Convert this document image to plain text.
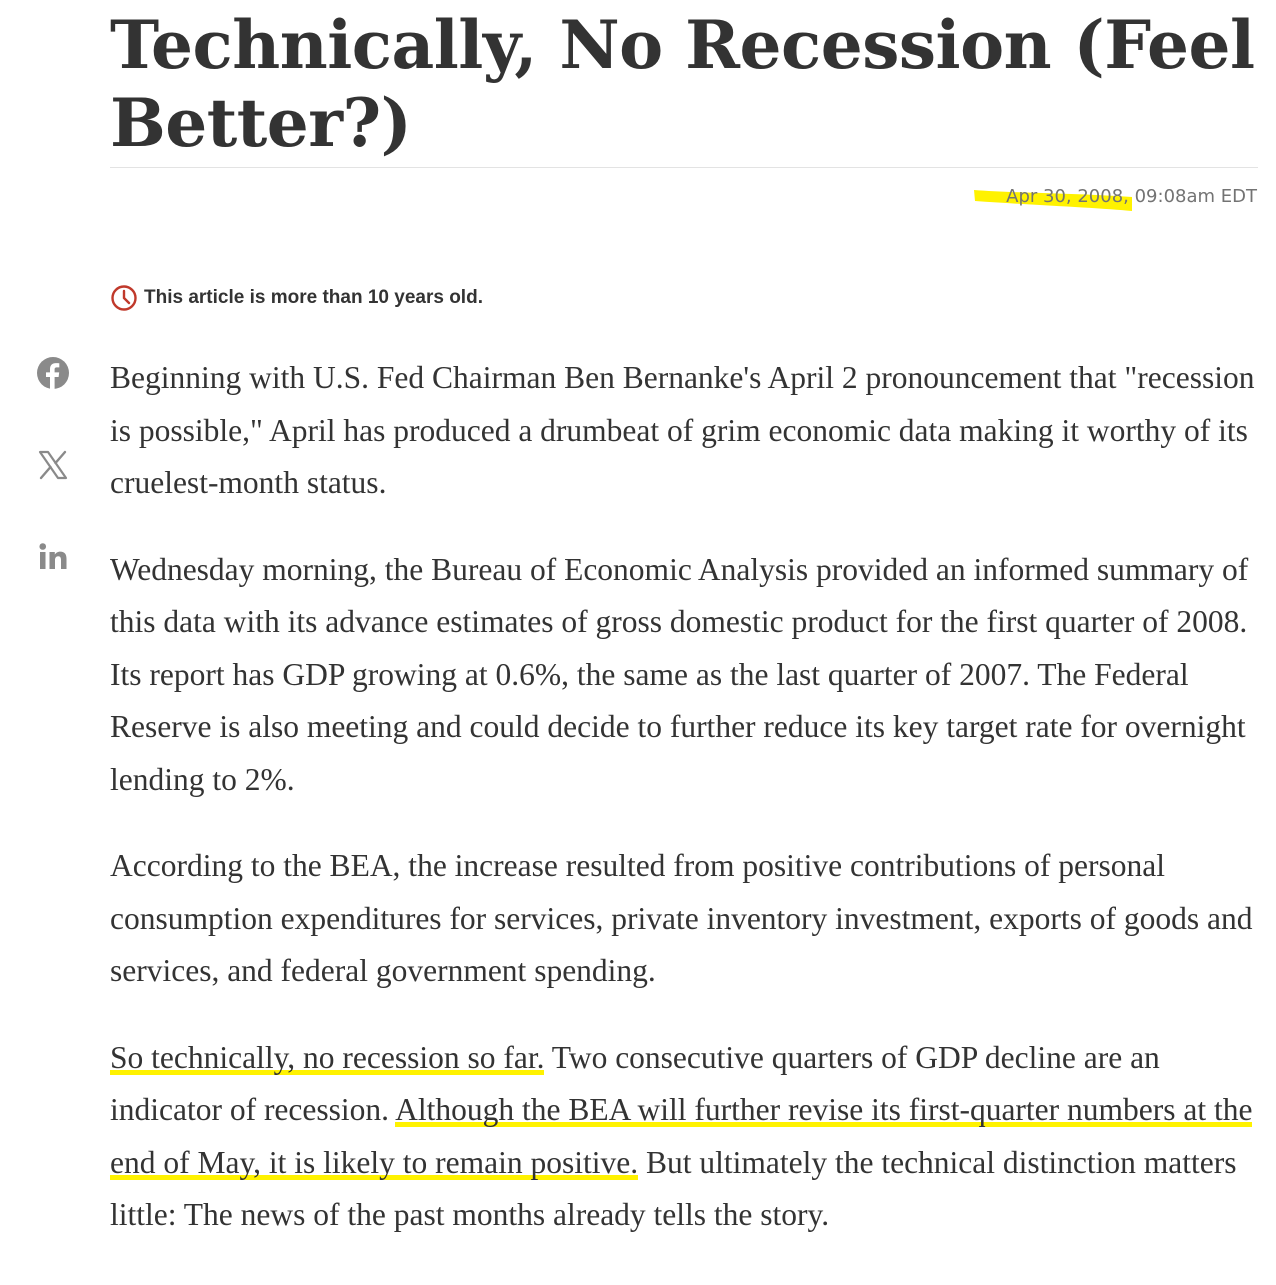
Technically, No Recession (Feel Better?)
Apr 30, 2008, 09:08am EDT
This article is more than 10 years old.

Beginning with U.S. Fed Chairman Ben Bernanke's April 2 pronouncement that "recession is possible," April has produced a drumbeat of grim economic data making it worthy of its cruelest-month status.

Wednesday morning, the Bureau of Economic Analysis provided an informed summary of this data with its advance estimates of gross domestic product for the first quarter of 2008. Its report has GDP growing at 0.6%, the same as the last quarter of 2007. The Federal Reserve is also meeting and could decide to further reduce its key target rate for overnight lending to 2%.

According to the BEA, the increase resulted from positive contributions of personal consumption expenditures for services, private inventory investment, exports of goods and services, and federal government spending.

So technically, no recession so far. Two consecutive quarters of GDP decline are an indicator of recession. Although the BEA will further revise its first-quarter numbers at the end of May, it is likely to remain positive. But ultimately the technical distinction matters little: The news of the past months already tells the story.
